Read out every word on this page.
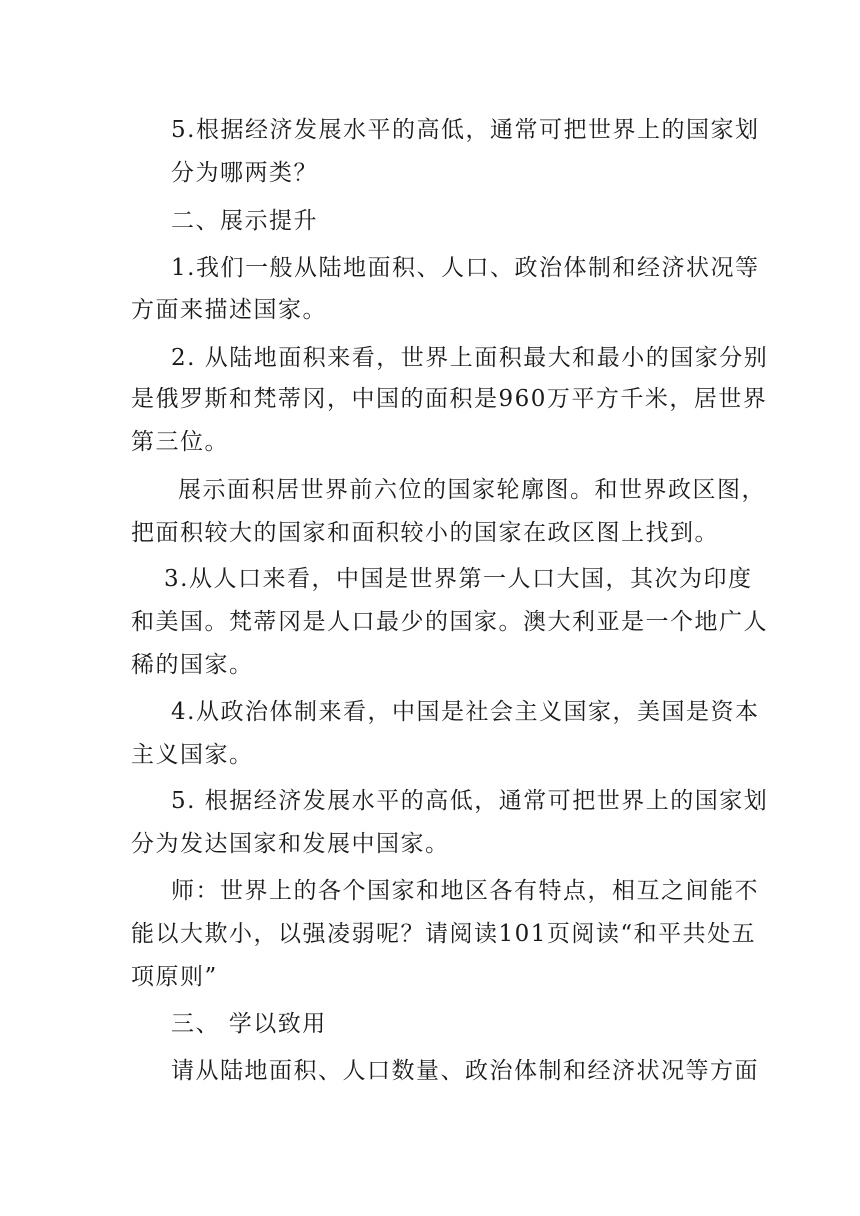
5.根据经济发展水平的高低，通常可把世界上的国家划
分为哪两类？
二、展示提升
1.我们一般从陆地面积、人口、政治体制和经济状况等
方面来描述国家。
2. 从陆地面积来看，世界上面积最大和最小的国家分别
是俄罗斯和梵蒂冈，中国的面积是960万平方千米，居世界
第三位。
展示面积居世界前六位的国家轮廓图。和世界政区图，
把面积较大的国家和面积较小的国家在政区图上找到。
3.从人口来看，中国是世界第一人口大国，其次为印度
和美国。梵蒂冈是人口最少的国家。澳大利亚是一个地广人
稀的国家。
4.从政治体制来看，中国是社会主义国家，美国是资本
主义国家。
5. 根据经济发展水平的高低，通常可把世界上的国家划
分为发达国家和发展中国家。
师：世界上的各个国家和地区各有特点，相互之间能不
能以大欺小，以强凌弱呢？请阅读101页阅读“和平共处五
项原则”
三、 学以致用
请从陆地面积、人口数量、政治体制和经济状况等方面
